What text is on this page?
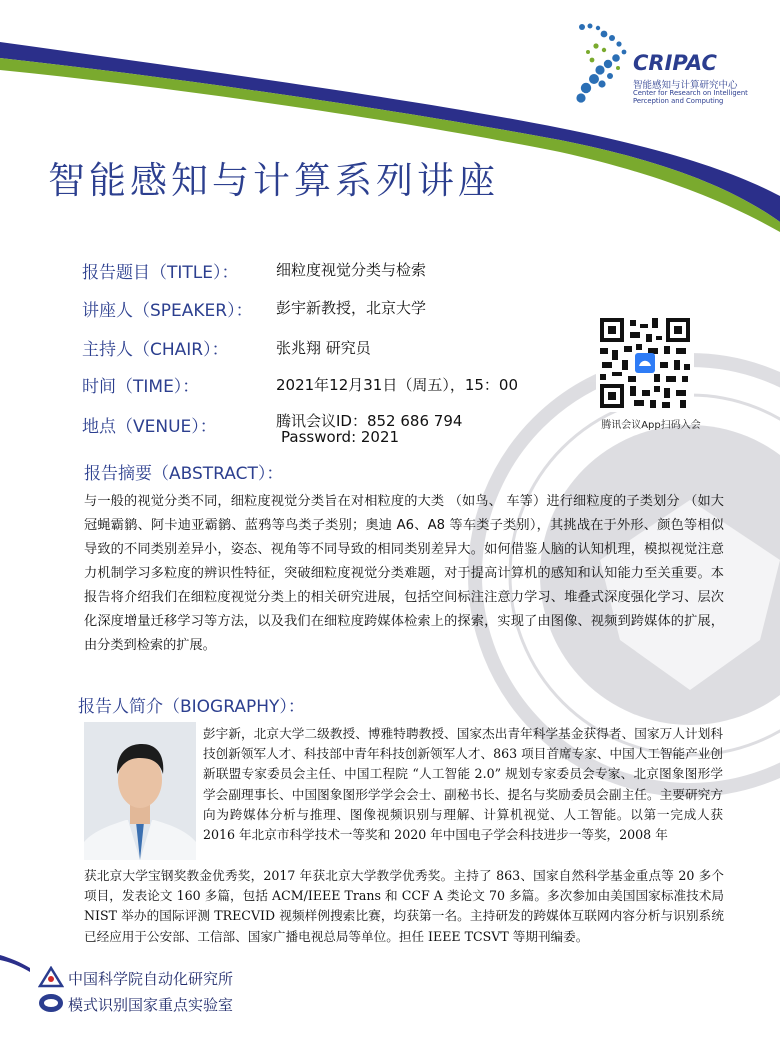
CRIPAC
智能感知与计算研究中心
Center for Research on Intelligent
Perception and Computing
智能感知与计算系列讲座
报告题目（TITLE）：	细粒度视觉分类与检索
讲座人（SPEAKER）： 彭宇新教授，北京大学
主持人（CHAIR）：	张兆翔 研究员
时间（TIME）：	2021年12月31日（周五），15：00
地点（VENUE）：	腾讯会议ID：852 686 794
Password: 2021
腾讯会议App扫码入会
报告摘要（ABSTRACT）：
与一般的视觉分类不同，细粒度视觉分类旨在对相粒度的大类 （如鸟、 车等）进行细粒度的子类划分 （如大冠蝇霸鹟、阿卡迪亚霸鹟、蓝鸦等鸟类子类别；奥迪 A6、A8 等车类子类别），其挑战在于外形、颜色等相似导致的不同类别差异小，姿态、视角等不同导致的相同类别差异大。如何借鉴人脑的认知机理，模拟视觉注意力机制学习多粒度的辨识性特征，突破细粒度视觉分类难题，对于提高计算机的感知和认知能力至关重要。本报告将介绍我们在细粒度视觉分类上的相关研究进展，包括空间标注注意力学习、堆叠式深度强化学习、层次化深度增量迁移学习等方法，以及我们在细粒度跨媒体检索上的探索，实现了由图像、视频到跨媒体的扩展，由分类到检索的扩展。
报告人简介（BIOGRAPHY）：
彭宇新，北京大学二级教授、博雅特聘教授、国家杰出青年科学基金获得者、国家万人计划科技创新领军人才、科技部中青年科技创新领军人才、863 项目首席专家、中国人工智能产业创新联盟专家委员会主任、中国工程院 “人工智能 2.0” 规划专家委员会专家、北京图象图形学学会副理事长、中国图象图形学学会会士、副秘书长、提名与奖励委员会副主任。主要研究方向为跨媒体分析与推理、图像视频识别与理解、计算机视觉、人工智能。以第一完成人获 2016 年北京市科学技术一等奖和 2020 年中国电子学会科技进步一等奖，2008 年
获北京大学宝钢奖教金优秀奖，2017 年获北京大学教学优秀奖。主持了 863、国家自然科学基金重点等 20 多个项目，发表论文 160 多篇，包括 ACM/IEEE Trans 和 CCF A 类论文 70 多篇。多次参加由美国国家标准技术局 NIST 举办的国际评测 TRECVID 视频样例搜索比赛，均获第一名。主持研发的跨媒体互联网内容分析与识别系统已经应用于公安部、工信部、国家广播电视总局等单位。担任 IEEE TCSVT 等期刊编委。
中国科学院自动化研究所
模式识别国家重点实验室
